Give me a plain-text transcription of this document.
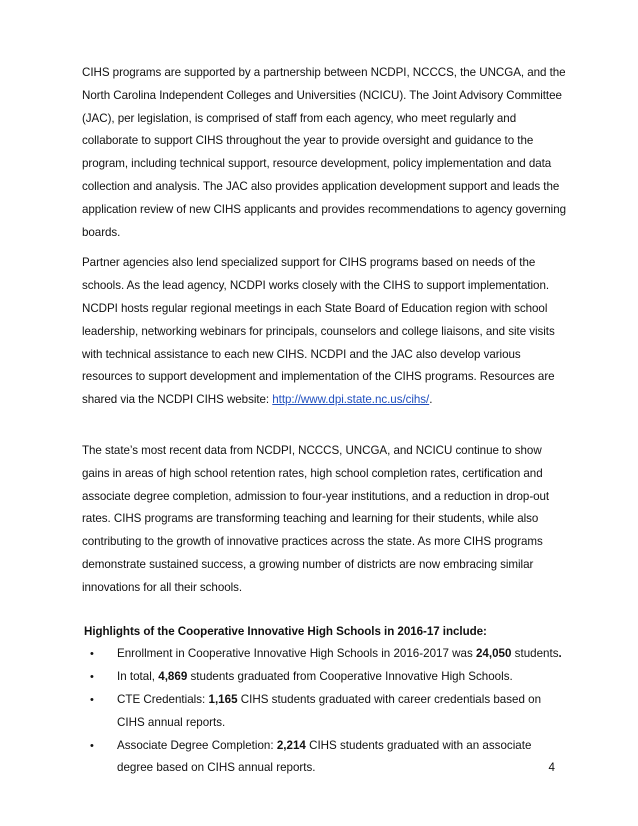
CIHS programs are supported by a partnership between NCDPI, NCCCS, the UNCGA, and the North Carolina Independent Colleges and Universities (NCICU). The Joint Advisory Committee (JAC), per legislation, is comprised of staff from each agency, who meet regularly and collaborate to support CIHS throughout the year to provide oversight and guidance to the program, including technical support, resource development, policy implementation and data collection and analysis. The JAC also provides application development support and leads the application review of new CIHS applicants and provides recommendations to agency governing boards.

Partner agencies also lend specialized support for CIHS programs based on needs of the schools. As the lead agency, NCDPI works closely with the CIHS to support implementation. NCDPI hosts regular regional meetings in each State Board of Education region with school leadership, networking webinars for principals, counselors and college liaisons, and site visits with technical assistance to each new CIHS. NCDPI and the JAC also develop various resources to support development and implementation of the CIHS programs. Resources are shared via the NCDPI CIHS website: http://www.dpi.state.nc.us/cihs/.

The state’s most recent data from NCDPI, NCCCS, UNCGA, and NCICU continue to show gains in areas of high school retention rates, high school completion rates, certification and associate degree completion, admission to four-year institutions, and a reduction in drop-out rates. CIHS programs are transforming teaching and learning for their students, while also contributing to the growth of innovative practices across the state. As more CIHS programs demonstrate sustained success, a growing number of districts are now embracing similar innovations for all their schools.

Highlights of the Cooperative Innovative High Schools in 2016-17 include:

• Enrollment in Cooperative Innovative High Schools in 2016-2017 was 24,050 students.
• In total, 4,869 students graduated from Cooperative Innovative High Schools.
• CTE Credentials: 1,165 CIHS students graduated with career credentials based on CIHS annual reports.
• Associate Degree Completion: 2,214 CIHS students graduated with an associate degree based on CIHS annual reports.	4
